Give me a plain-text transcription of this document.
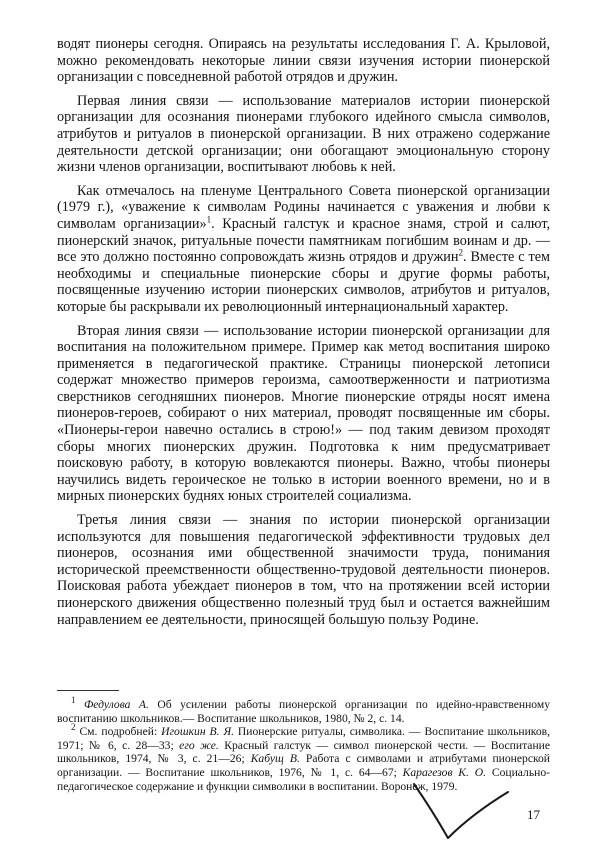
водят пионеры сегодня. Опираясь на результаты исследования Г. А. Крыловой, можно рекомендовать некоторые линии связи изучения истории пионерской организации с повседневной работой отрядов и дружин.

Первая линия связи — использование материалов истории пионерской организации для осознания пионерами глубокого идейного смысла символов, атрибутов и ритуалов в пионерской организации. В них отражено содержание деятельности детской организации; они обогащают эмоциональную сторону жизни членов организации, воспитывают любовь к ней.

Как отмечалось на пленуме Центрального Совета пионерской организации (1979 г.), «уважение к символам Родины начинается с уважения и любви к символам организации»$^1$. Красный галстук и красное знамя, строй и салют, пионерский значок, ритуальные почести памятникам погибшим воинам и др. — все это должно постоянно сопровождать жизнь отрядов и дружин$^2$. Вместе с тем необходимы и специальные пионерские сборы и другие формы работы, посвященные изучению истории пионерских символов, атрибутов и ритуалов, которые бы раскрывали их революционный интернациональный характер.

Вторая линия связи — использование истории пионерской организации для воспитания на положительном примере. Пример как метод воспитания широко применяется в педагогической практике. Страницы пионерской летописи содержат множество примеров героизма, самоотверженности и патриотизма сверстников сегодняшних пионеров. Многие пионерские отряды носят имена пионеров-героев, собирают о них материал, проводят посвященные им сборы. «Пионеры-герои навечно остались в строю!» — под таким девизом проходят сборы многих пионерских дружин. Подготовка к ним предусматривает поисковую работу, в которую вовлекаются пионеры. Важно, чтобы пионеры научились видеть героическое не только в истории военного времени, но и в мирных пионерских буднях юных строителей социализма.

Третья линия связи — знания по истории пионерской организации используются для повышения педагогической эффективности трудовых дел пионеров, осознания ими общественной значимости труда, понимания исторической преемственности общественно-трудовой деятельности пионеров. Поисковая работа убеждает пионеров в том, что на протяжении всей истории пионерского движения общественно полезный труд был и остается важнейшим направлением ее деятельности, приносящей большую пользу Родине.

$^1$ Федулова А. Об усилении работы пионерской организации по идейно-нравственному воспитанию школьников.— Воспитание школьников, 1980, № 2, с. 14.

$^2$ См. подробней: Игошкин В. Я. Пионерские ритуалы, символика. — Воспитание школьников, 1971; № 6, с. 28—33; его же. Красный галстук — символ пионерской чести. — Воспитание школьников, 1974, № 3, с. 21—26; Кабущ В. Работа с символами и атрибутами пионерской организации. — Воспитание школьников, 1976, № 1, с. 64—67; Карагезов К. О. Социально-педагогическое содержание и функции символики в воспитании. Воронеж, 1979.

17
